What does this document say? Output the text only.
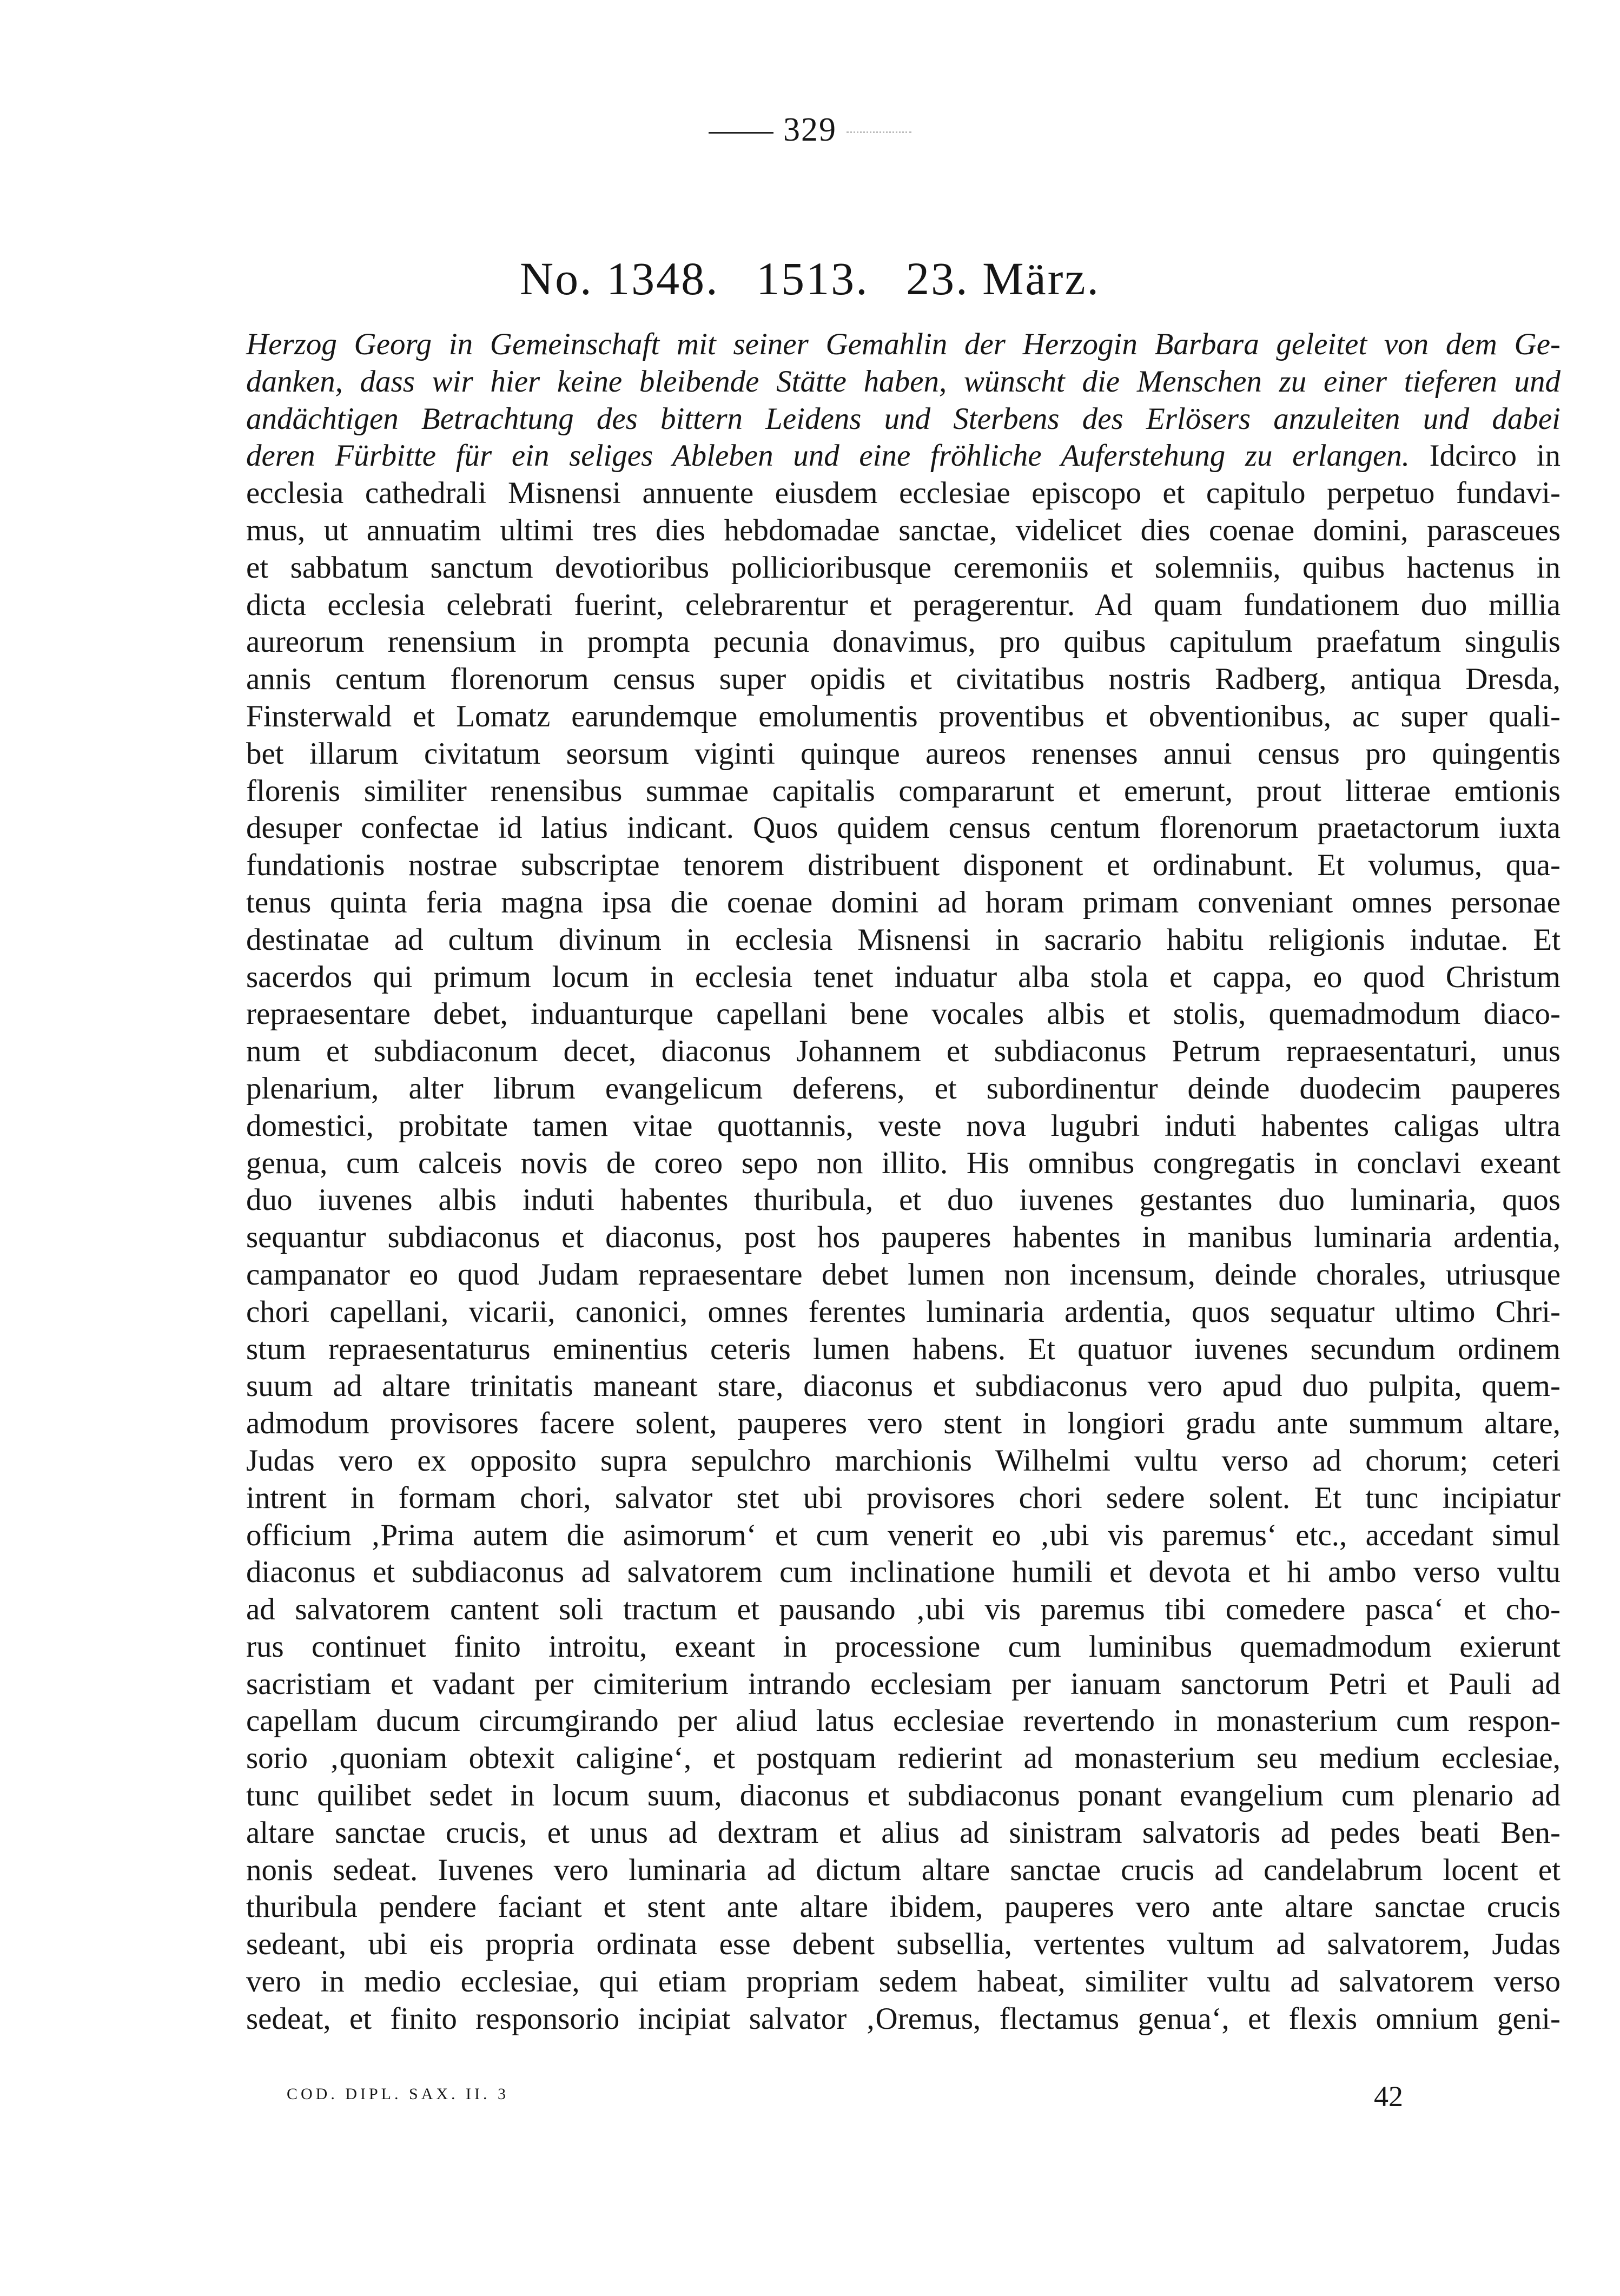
329
No. 1348. 1513. 23. März.
Herzog Georg in Gemeinschaft mit seiner Gemahlin der Herzogin Barbara geleitet von dem Ge-
danken, dass wir hier keine bleibende Stätte haben, wünscht die Menschen zu einer tieferen und
andächtigen Betrachtung des bittern Leidens und Sterbens des Erlösers anzuleiten und dabei
deren Fürbitte für ein seliges Ableben und eine fröhliche Auferstehung zu erlangen. Idcirco in
ecclesia cathedrali Misnensi annuente eiusdem ecclesiae episcopo et capitulo perpetuo fundavi-
mus, ut annuatim ultimi tres dies hebdomadae sanctae, videlicet dies coenae domini, parasceues
et sabbatum sanctum devotioribus pollicioribusque ceremoniis et solemniis, quibus hactenus in
dicta ecclesia celebrati fuerint, celebrarentur et peragerentur. Ad quam fundationem duo millia
aureorum renensium in prompta pecunia donavimus, pro quibus capitulum praefatum singulis
annis centum florenorum census super opidis et civitatibus nostris Radberg, antiqua Dresda,
Finsterwald et Lomatz earundemque emolumentis proventibus et obventionibus, ac super quali-
bet illarum civitatum seorsum viginti quinque aureos renenses annui census pro quingentis
florenis similiter renensibus summae capitalis compararunt et emerunt, prout litterae emtionis
desuper confectae id latius indicant. Quos quidem census centum florenorum praetactorum iuxta
fundationis nostrae subscriptae tenorem distribuent disponent et ordinabunt. Et volumus, qua-
tenus quinta feria magna ipsa die coenae domini ad horam primam conveniant omnes personae
destinatae ad cultum divinum in ecclesia Misnensi in sacrario habitu religionis indutae. Et
sacerdos qui primum locum in ecclesia tenet induatur alba stola et cappa, eo quod Christum
repraesentare debet, induanturque capellani bene vocales albis et stolis, quemadmodum diaco-
num et subdiaconum decet, diaconus Johannem et subdiaconus Petrum repraesentaturi, unus
plenarium, alter librum evangelicum deferens, et subordinentur deinde duodecim pauperes
domestici, probitate tamen vitae quottannis, veste nova lugubri induti habentes caligas ultra
genua, cum calceis novis de coreo sepo non illito. His omnibus congregatis in conclavi exeant
duo iuvenes albis induti habentes thuribula, et duo iuvenes gestantes duo luminaria, quos
sequantur subdiaconus et diaconus, post hos pauperes habentes in manibus luminaria ardentia,
campanator eo quod Judam repraesentare debet lumen non incensum, deinde chorales, utriusque
chori capellani, vicarii, canonici, omnes ferentes luminaria ardentia, quos sequatur ultimo Chri-
stum repraesentaturus eminentius ceteris lumen habens. Et quatuor iuvenes secundum ordinem
suum ad altare trinitatis maneant stare, diaconus et subdiaconus vero apud duo pulpita, quem-
admodum provisores facere solent, pauperes vero stent in longiori gradu ante summum altare,
Judas vero ex opposito supra sepulchro marchionis Wilhelmi vultu verso ad chorum; ceteri
intrent in formam chori, salvator stet ubi provisores chori sedere solent. Et tunc incipiatur
officium ‚Prima autem die asimorum‘ et cum venerit eo ‚ubi vis paremus‘ etc., accedant simul
diaconus et subdiaconus ad salvatorem cum inclinatione humili et devota et hi ambo verso vultu
ad salvatorem cantent soli tractum et pausando ‚ubi vis paremus tibi comedere pasca‘ et cho-
rus continuet finito introitu, exeant in processione cum luminibus quemadmodum exierunt
sacristiam et vadant per cimiterium intrando ecclesiam per ianuam sanctorum Petri et Pauli ad
capellam ducum circumgirando per aliud latus ecclesiae revertendo in monasterium cum respon-
sorio ‚quoniam obtexit caligine‘, et postquam redierint ad monasterium seu medium ecclesiae,
tunc quilibet sedet in locum suum, diaconus et subdiaconus ponant evangelium cum plenario ad
altare sanctae crucis, et unus ad dextram et alius ad sinistram salvatoris ad pedes beati Ben-
nonis sedeat. Iuvenes vero luminaria ad dictum altare sanctae crucis ad candelabrum locent et
thuribula pendere faciant et stent ante altare ibidem, pauperes vero ante altare sanctae crucis
sedeant, ubi eis propria ordinata esse debent subsellia, vertentes vultum ad salvatorem, Judas
vero in medio ecclesiae, qui etiam propriam sedem habeat, similiter vultu ad salvatorem verso
sedeat, et finito responsorio incipiat salvator ‚Oremus, flectamus genua‘, et flexis omnium geni-
COD. DIPL. SAX. II. 3	42
